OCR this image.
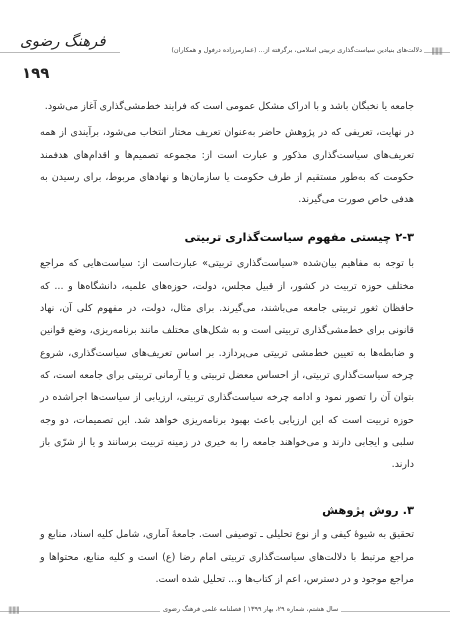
||||||||
دلالت‌های بنیادین سیاست‌گذاری تربیتی اسلامی، برگرفته از... (عمارمرزاده درفول و همکاران)
فرهنگ رضوی
۱۹۹

جامعه یا نخبگان باشد و با ادراک مشکل عمومی است که فرایند خط‌مشی‌گذاری آغاز می‌شود.

در نهایت، تعریفی که در پژوهش حاضر به‌عنوان تعریف مختار انتخاب می‌شود، برآیندی از همه تعریف‌های سیاست‌گذاری مذکور و عبارت است از: مجموعه تصمیم‌ها و اقدام‌های هدفمند حکومت که به‌طور مستقیم از طرف حکومت یا سازمان‌ها و نهادهای مربوط، برای رسیدن به هدفی خاص صورت می‌گیرند.

۲-۳ چیستی مفهوم سیاست‌گذاری تربیتی

با توجه به مفاهیم بیان‌شده «سیاست‌گذاری تربیتی» عبارت‌است از: سیاست‌هایی که مراجع مختلف حوزه تربیت در کشور، از قبیل مجلس، دولت، حوزه‌های علمیه، دانشگاه‌ها و ... که حافظان ثغور تربیتی جامعه می‌باشند، می‌گیرند. برای مثال، دولت، در مفهوم کلی آن، نهاد قانونی برای خط‌مشی‌گذاری تربیتی است و به شکل‌های مختلف مانند برنامه‌ریزی، وضع قوانین و ضابطه‌ها به تعیین خط‌مشی تربیتی می‌پردازد. بر اساس تعریف‌های سیاست‌گذاری، شروع چرخه سیاست‌گذاری تربیتی، از احساس معضل تربیتی و یا آرمانی تربیتی برای جامعه است، که بتوان آن را تصور نمود و ادامه چرخه سیاست‌گذاری تربیتی، ارزیابی از سیاست‌ها اجراشده در حوزه تربیت است که این ارزیابی باعث بهبود برنامه‌ریزی خواهد شد. این تصمیمات، دو وجه سلبی و ایجابی دارند و می‌خواهند جامعه را به خیری در زمینه تربیت برسانند و یا از شرّی باز دارند.

۳. روش پژوهش

تحقیق به شیوهٔ کیفی و از نوع تحلیلی ـ توصیفی است. جامعهٔ آماری، شامل کلیه اسناد، منابع و مراجع مرتبط با دلالت‌های سیاست‌گذاری تربیتی امام رضا (ع) است و کلیه منابع، محتواها و مراجع موجود و در دسترس، اعم از کتاب‌ها و... تحلیل شده است.

||||||||	سال هشتم، شماره ۲۹، بهار ۱۳۹۹ | فصلنامه علمی فرهنگ رضوی
